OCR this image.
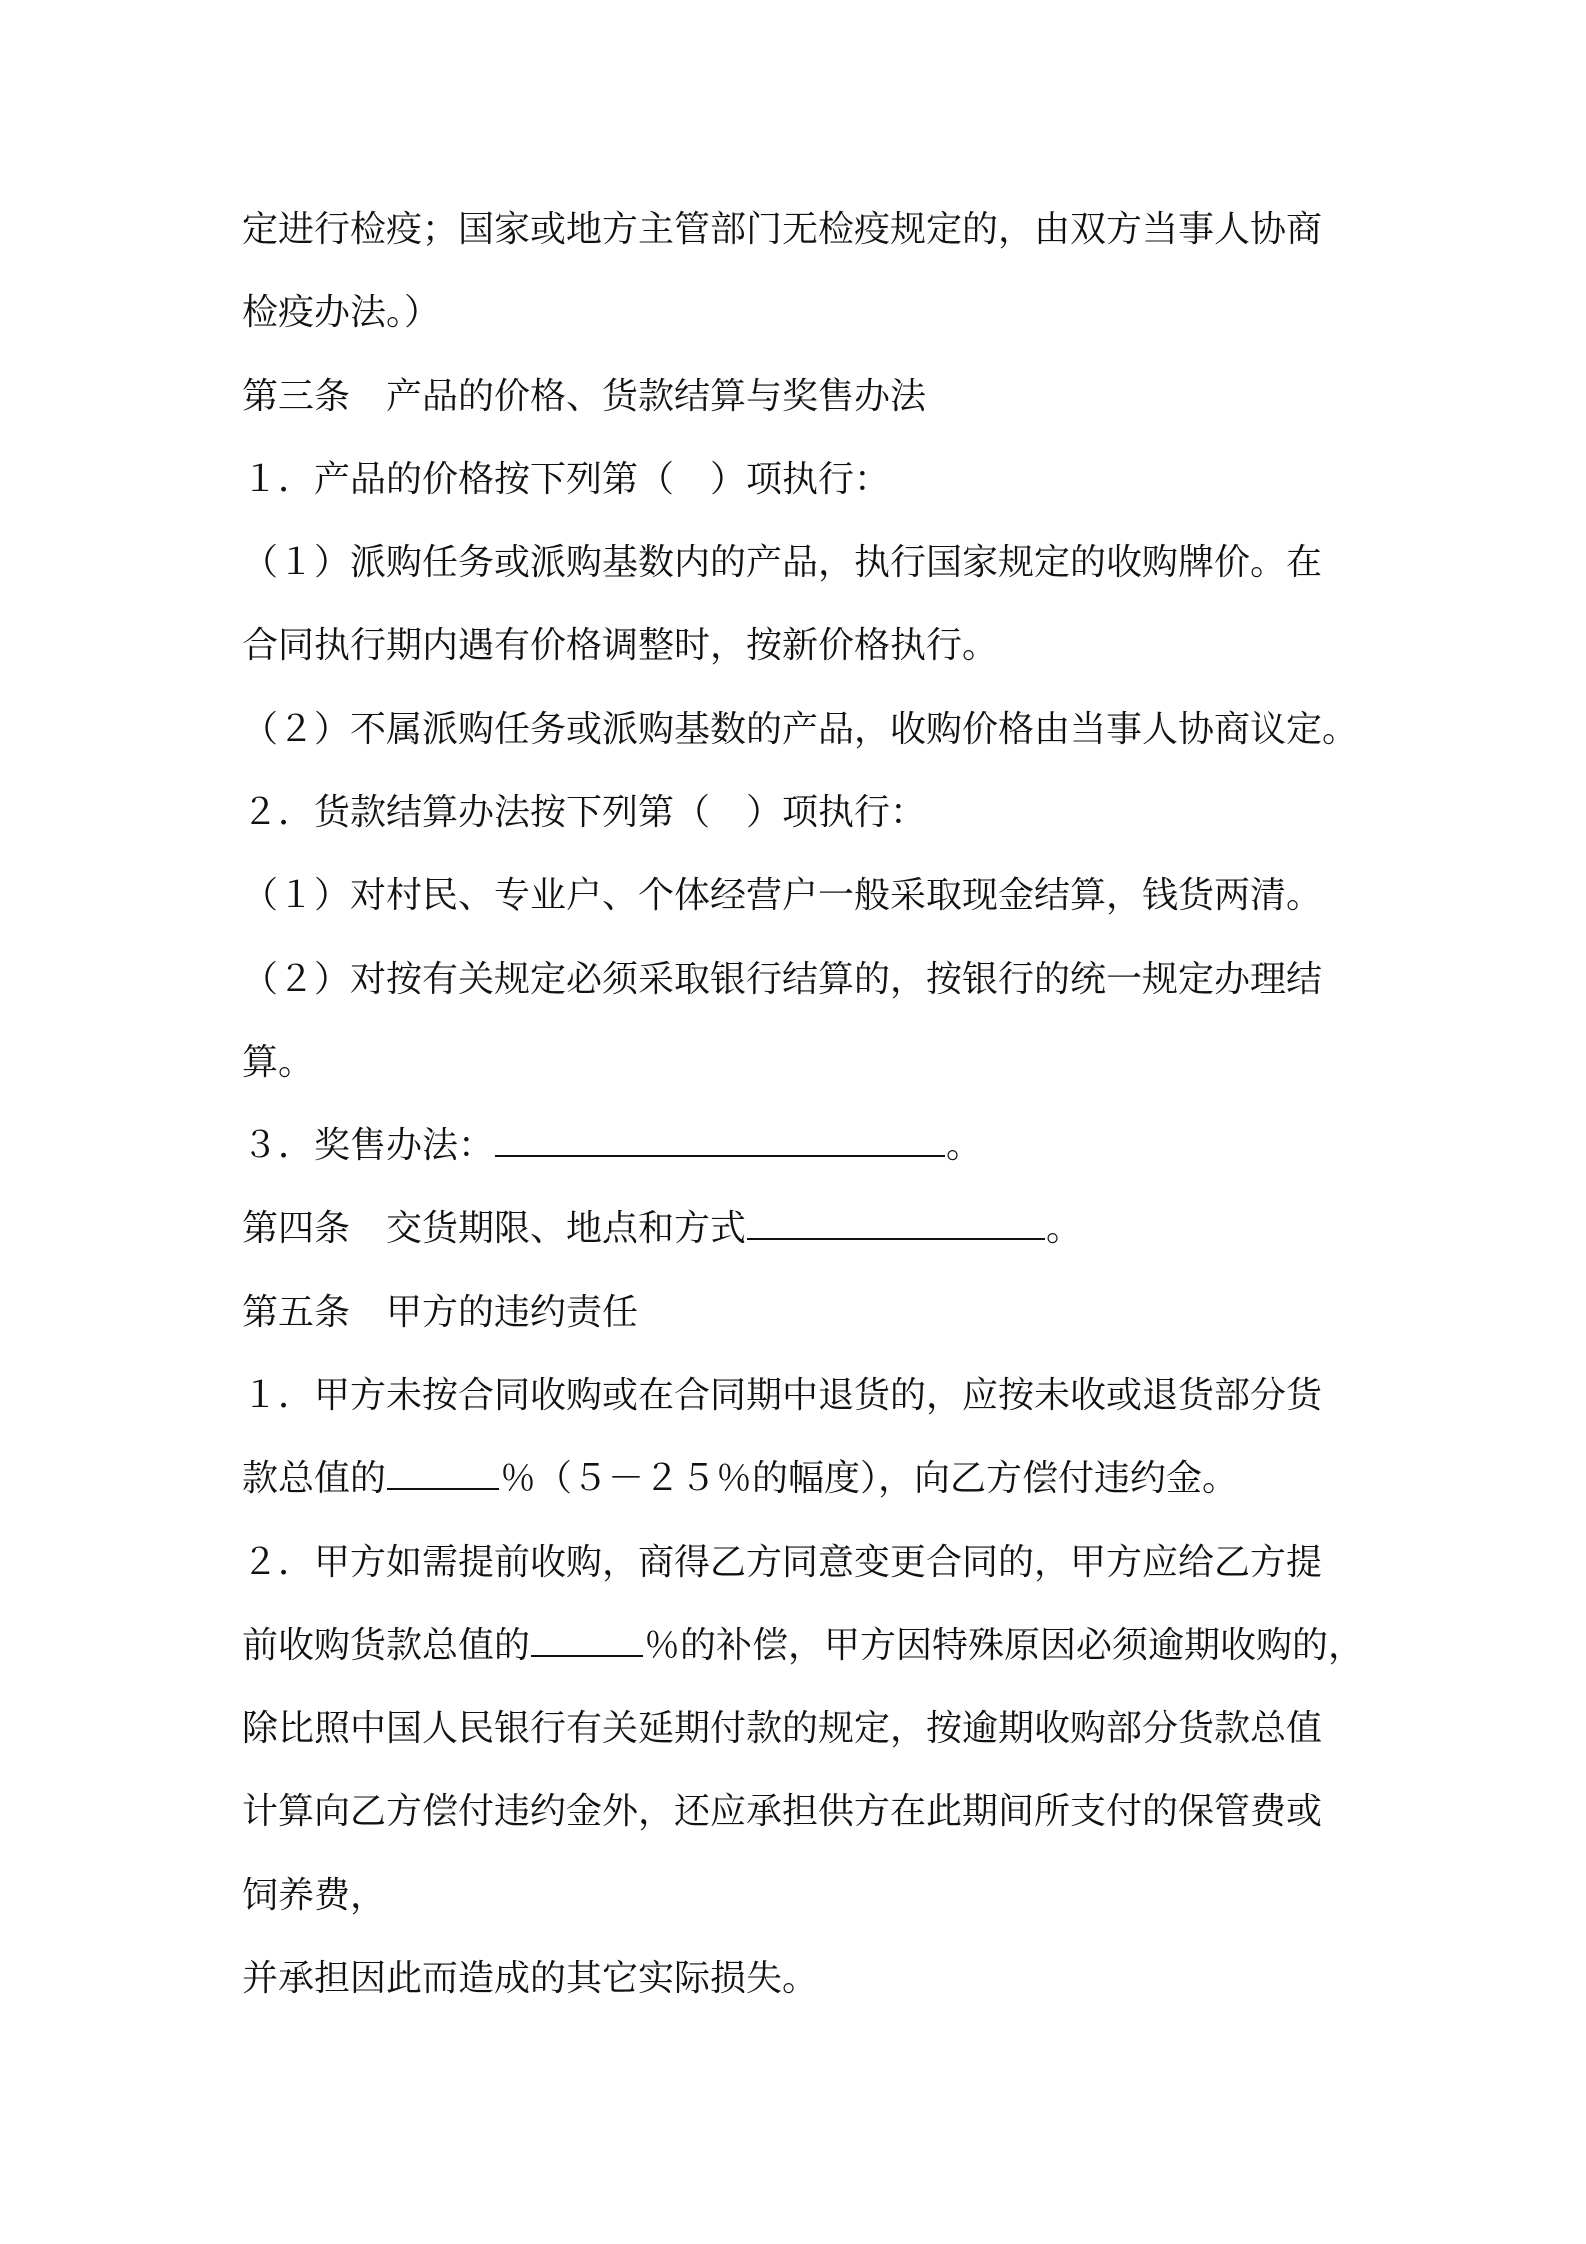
定进行检疫；国家或地方主管部门无检疫规定的，由双方当事人协商
检疫办法。）
第三条　产品的价格、货款结算与奖售办法
１．产品的价格按下列第（　）项执行：
（１）派购任务或派购基数内的产品，执行国家规定的收购牌价。在
合同执行期内遇有价格调整时，按新价格执行。
（２）不属派购任务或派购基数的产品，收购价格由当事人协商议定。
２．货款结算办法按下列第（　）项执行：
（１）对村民、专业户、个体经营户一般采取现金结算，钱货两清。
（２）对按有关规定必须采取银行结算的，按银行的统一规定办理结
算。
３．奖售办法：	。
第四条　交货期限、地点和方式	。
第五条　甲方的违约责任
１．甲方未按合同收购或在合同期中退货的，应按未收或退货部分货
款总值的	％（５－２５％的幅度），向乙方偿付违约金。
２．甲方如需提前收购，商得乙方同意变更合同的，甲方应给乙方提
前收购货款总值的	％的补偿，甲方因特殊原因必须逾期收购的，
除比照中国人民银行有关延期付款的规定，按逾期收购部分货款总值
计算向乙方偿付违约金外，还应承担供方在此期间所支付的保管费或
饲养费，
并承担因此而造成的其它实际损失。
